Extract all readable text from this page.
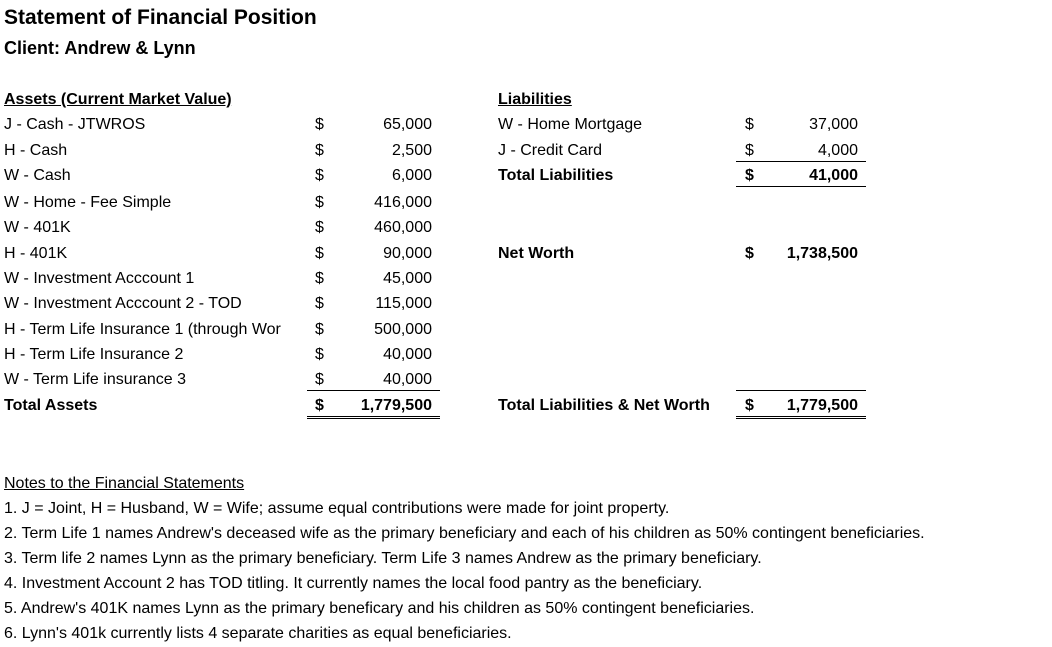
Statement of Financial Position
Client: Andrew & Lynn
Assets (Current Market Value)
J - Cash - JTWROS	$	65,000
H - Cash	$	2,500
W - Cash	$	6,000
W - Home - Fee Simple	$	416,000
W - 401K	$	460,000
H - 401K	$	90,000
W - Investment Acccount 1	$	45,000
W - Investment Acccount 2 - TOD	$	115,000
H - Term Life Insurance 1 (through Wor	$	500,000
H - Term Life Insurance 2	$	40,000
W - Term Life insurance 3	$	40,000
Total Assets	$	1,779,500
Liabilities
W - Home Mortgage	$	37,000
J - Credit Card	$	4,000
Total Liabilities	$	41,000
Net Worth	$	1,738,500
Total Liabilities & Net Worth $	1,779,500
Notes to the Financial Statements
1. J = Joint, H = Husband, W = Wife; assume equal contributions were made for joint property.
2. Term Life 1 names Andrew's deceased wife as the primary beneficiary and each of his children as 50% contingent beneficiaries.
3. Term life 2 names Lynn as the primary beneficiary. Term Life 3 names Andrew as the primary beneficiary.
4. Investment Account 2 has TOD titling. It currently names the local food pantry as the beneficiary.
5. Andrew's 401K names Lynn as the primary beneficary and his children as 50% contingent beneficiaries.
6. Lynn's 401k currently lists 4 separate charities as equal beneficiaries.
